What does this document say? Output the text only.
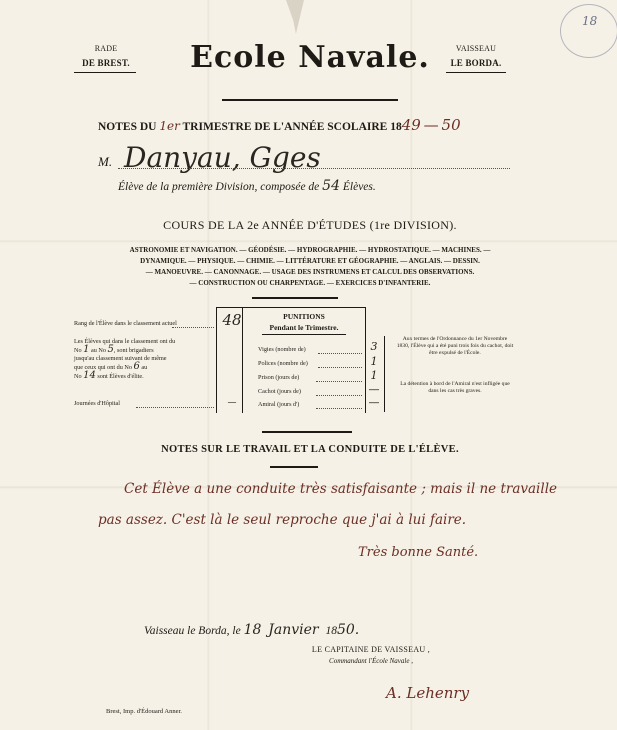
18
RADE
DE BREST.	Ecole Navale.	VAISSEAU
LE BORDA.
NOTES DU 1er TRIMESTRE DE L'ANNÉE SCOLAIRE 1849 — 50
M. Danyau, Gges
Élève de la première Division, composée de 54 Élèves.
COURS DE LA 2e ANNÉE D'ÉTUDES (1re DIVISION).
ASTRONOMIE ET NAVIGATION. — GÉODÉSIE. — HYDROGRAPHIE. — HYDROSTATIQUE. — MACHINES. —
DYNAMIQUE. — PHYSIQUE. — CHIMIE. — LITTÉRATURE ET GÉOGRAPHIE. — ANGLAIS. — DESSIN.
— MANOEUVRE. — CANONNAGE. — USAGE DES INSTRUMENS ET CALCUL DES OBSERVATIONS.
— CONSTRUCTION OU CHARPENTAGE. — EXERCICES D'INFANTERIE.
Rang de l'Élève dans le classement actuel	48
Les Élèves qui dans le classement ont du
No 1 au No 5, sont brigadiers
jusqu'au classement suivant de même
que ceux qui ont du No 6 au
No 14 sont Élèves d'élite.
Journées d'Hôpital	—
PUNITIONS
Pendant le Trimestre.
Vigies (nombre de)	3
Polices (nombre de)	1
Prison (jours de)	1
Cachot (jours de)	—
Amiral (jours d')	—
Aux termes de l'Ordonnance du 1er Novembre 1830, l'Élève qui a été puni trois fois du cachot, doit être expulsé de l'École.
La détention à bord de l'Amiral n'est infligée que dans les cas très graves.
NOTES SUR LE TRAVAIL ET LA CONDUITE DE L'ÉLÈVE.
Cet Élève a une conduite très satisfaisante ; mais il ne travaille
pas assez. C'est là le seul reproche que j'ai à lui faire.
Très bonne Santé.
Vaisseau le Borda, le 18 Janvier 1850.
LE CAPITAINE DE VAISSEAU ,
Commandant l'École Navale ,
A. Lehenry
Brest, Imp. d'Édouard Anner.
